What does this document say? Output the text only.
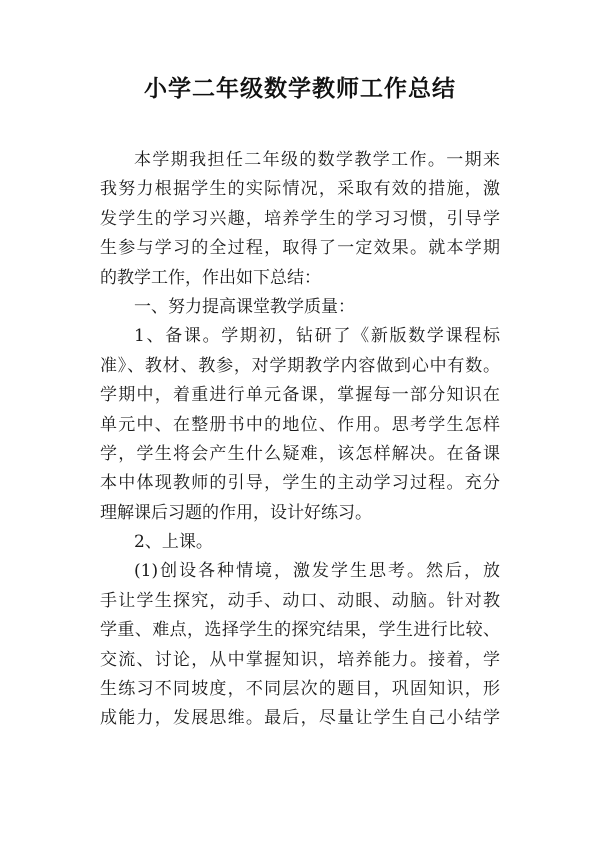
小学二年级数学教师工作总结
本学期我担任二年级的数学教学工作。一期来
我努力根据学生的实际情况，采取有效的措施，激
发学生的学习兴趣，培养学生的学习习惯，引导学
生参与学习的全过程，取得了一定效果。就本学期
的教学工作，作出如下总结：
一、努力提高课堂教学质量：
1、备课。学期初，钻研了《新版数学课程标
准》、教材、教参，对学期教学内容做到心中有数。
学期中，着重进行单元备课，掌握每一部分知识在
单元中、在整册书中的地位、作用。思考学生怎样
学，学生将会产生什么疑难，该怎样解决。在备课
本中体现教师的引导，学生的主动学习过程。充分
理解课后习题的作用，设计好练习。
2、上课。
(1)创设各种情境，激发学生思考。然后，放
手让学生探究，动手、动口、动眼、动脑。针对教
学重、难点，选择学生的探究结果，学生进行比较、
交流、讨论，从中掌握知识，培养能力。接着，学
生练习不同坡度，不同层次的题目，巩固知识，形
成能力，发展思维。最后，尽量让学生自己小结学
